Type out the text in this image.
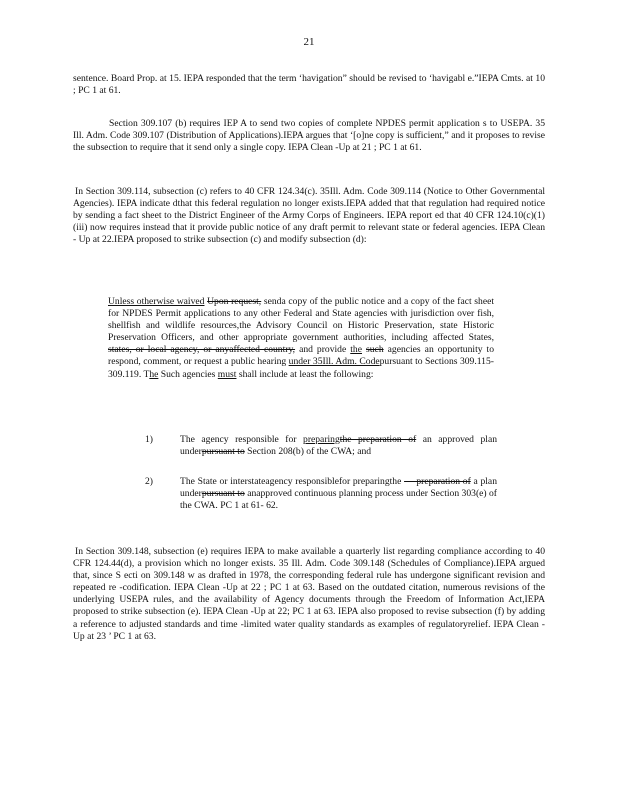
21

sentence. Board Prop. at 15. IEPA responded that the term ‘havigation” should be revised to ‘havigabl e.”IEPA Cmts. at 10 ; PC 1 at 61.

Section 309.107 (b) requires IEP A to send two copies of complete NPDES permit application s to USEPA. 35 Ill. Adm. Code 309.107 (Distribution of Applications).IEPA argues that ‘[o]ne copy is sufficient,” and it proposes to revise the subsection to require that it send only a single copy. IEPA Clean -Up at 21 ; PC 1 at 61.

In Section 309.114, subsection (c) refers to 40 CFR 124.34(c). 35Ill. Adm. Code 309.114 (Notice to Other Governmental Agencies). IEPA indicate dthat this federal regulation no longer exists.IEPA added that that regulation had required notice by sending a fact sheet to the District Engineer of the Army Corps of Engineers. IEPA report ed that 40 CFR 124.10(c)(1)(iii) now requires instead that it provide public notice of any draft permit to relevant state or federal agencies. IEPA Clean - Up at 22.IEPA proposed to strike subsection (c) and modify subsection (d):

Unless otherwise waived Upon request, senda copy of the public notice and a copy of the fact sheet for NPDES Permit applications to any other Federal and State agencies with jurisdiction over fish, shellfish and wildlife resources,the Advisory Council on Historic Preservation, state Historic Preservation Officers, and other appropriate government authorities, including affected States, states, or local agency, or anyaffected country, and provide the such agencies an opportunity to respond, comment, or request a public hearing under 35Ill. Adm. Codepursuant to Sections 309.115-309.119. The Such agencies must shall include at least the following:

1)	The agency responsible for preparingthe preparation of an approved plan underpursuant to Section 208(b) of the CWA; and
2)	The State or interstateagency responsiblefor preparingthe — preparation of a plan underpursuant to anapproved continuous planning process under Section 303(e) of the CWA. PC 1 at 61- 62.

In Section 309.148, subsection (e) requires IEPA to make available a quarterly list regarding compliance according to 40 CFR 124.44(d), a provision which no longer exists. 35 Ill. Adm. Code 309.148 (Schedules of Compliance).IEPA argued that, since S ecti on 309.148 w as drafted in 1978, the corresponding federal rule has undergone significant revision and repeated re -codification. IEPA Clean -Up at 22 ; PC 1 at 63. Based on the outdated citation, numerous revisions of the underlying USEPA rules, and the availability of Agency documents through the Freedom of Information Act,IEPA proposed to strike subsection (e). IEPA Clean -Up at 22; PC 1 at 63. IEPA also proposed to revise subsection (f) by adding a reference to adjusted standards and time -limited water quality standards as examples of regulatoryrelief. IEPA Clean -Up at 23 ’ PC 1 at 63.
